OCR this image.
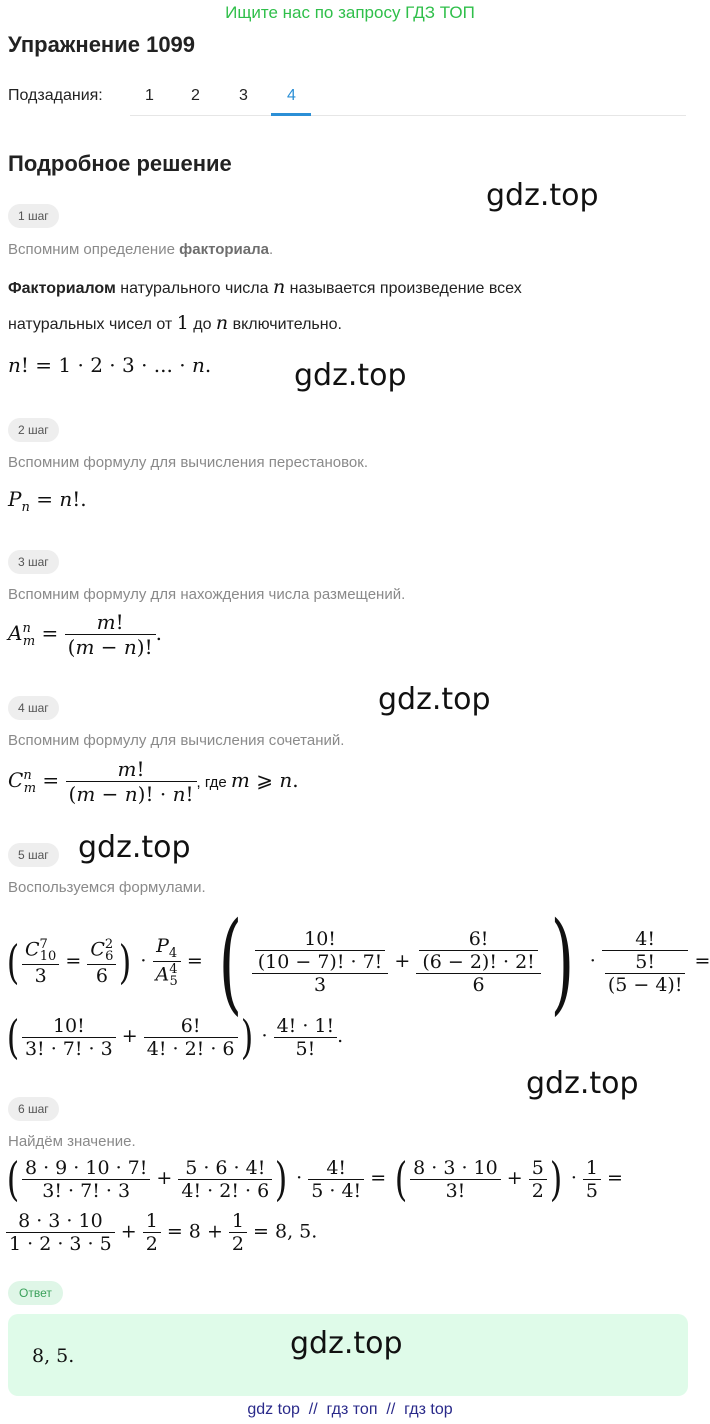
Ищите нас по запросу ГДЗ ТОП
Упражнение 1099
Подзадания:	1 2 3 4
Подробное решение
gdz.top
gdz.top
gdz.top
gdz.top
gdz.top
gdz.top
1 шаг
Вспомним определение факториала.
Факториалом натурального числа n называется произведение всех
натуральных чисел от 1 до n включительно.
n! = 1 · 2 · 3 · ... · n.
2 шаг
Вспомним формулу для вычисления перестановок.
$P_n = n$!.
3 шаг
Вспомним формулу для нахождения числа размещений.
$A^n_m = \frac{m!}{(m - n)!}$ .
4 шаг
Вспомним формулу для вычисления сочетаний.
$C^n_m = \frac{m!}{(m - n)! \cdot n!}$ , где m ⩾ n.
5 шаг
Воспользуемся формулами.
( $\frac{C^7_{10}}{3} = \frac{C^2_6}{6}$ ) · $\frac{P_4}{A^4_5}$ = ( $\frac{\frac{10!}{(10 - 7)! \cdot 7!}}{3} + \frac{\frac{6!}{(6 - 2)! \cdot 2!}}{6}$ ) · $\frac{4!}{\frac{5!}{(5 - 4)!}}$ =
( $\frac{10!}{3! \cdot 7! \cdot 3} + \frac{6!}{4! \cdot 2! \cdot 6}$ ) · $\frac{4! \cdot 1!}{5!}$ .
6 шаг
Найдём значение.
( $\frac{8 \cdot 9 \cdot 10 \cdot 7!}{3! \cdot 7! \cdot 3} + \frac{5 \cdot 6 \cdot 4!}{4! \cdot 2! \cdot 6}$ ) · $\frac{4!}{5 \cdot 4!}$ = ( $\frac{8 \cdot 3 \cdot 10}{3!} + \frac{5}{2}$ ) · $\frac{1}{5}$ =
$\frac{8 \cdot 3 \cdot 10}{1 \cdot 2 \cdot 3 \cdot 5} + \frac{1}{2} = 8 + \frac{1}{2} = 8$, 5.
Ответ
8, 5.
gdz top  //  гдз топ  //  гдз top
